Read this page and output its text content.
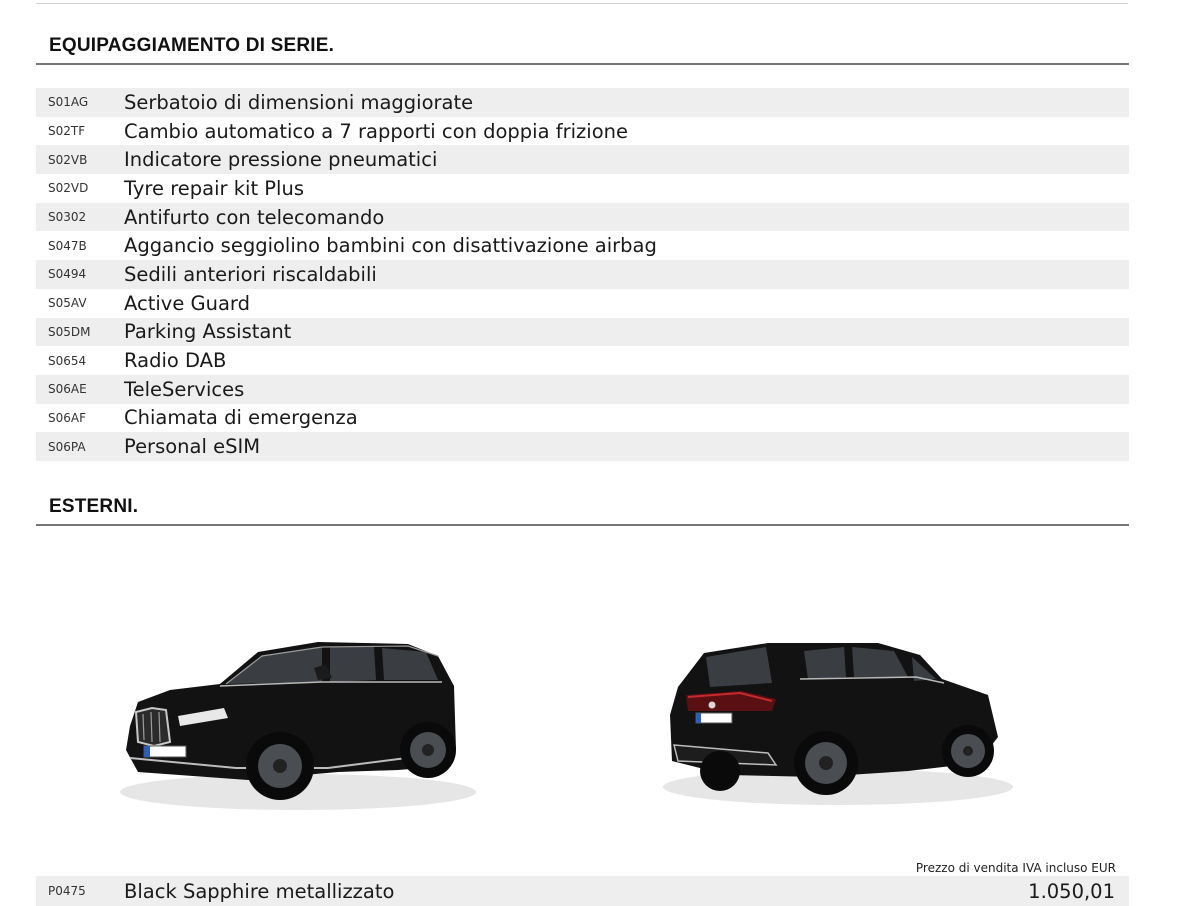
EQUIPAGGIAMENTO DI SERIE.
S01AG	Serbatoio di dimensioni maggiorate
S02TF	Cambio automatico a 7 rapporti con doppia frizione
S02VB	Indicatore pressione pneumatici
S02VD	Tyre repair kit Plus
S0302	Antifurto con telecomando
S047B	Aggancio seggiolino bambini con disattivazione airbag
S0494	Sedili anteriori riscaldabili
S05AV	Active Guard
S05DM	Parking Assistant
S0654	Radio DAB
S06AE	TeleServices
S06AF	Chiamata di emergenza
S06PA	Personal eSIM
ESTERNI.
Prezzo di vendita IVA incluso EUR
P0475	Black Sapphire metallizzato	1.050,01
